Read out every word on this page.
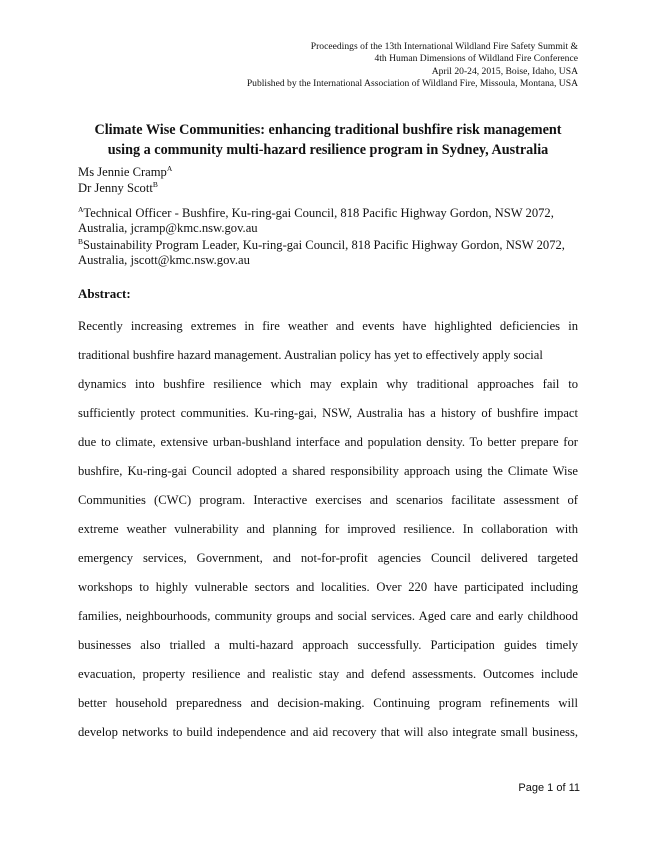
Proceedings of the 13th International Wildland Fire Safety Summit &
4th Human Dimensions of Wildland Fire Conference
April 20-24, 2015, Boise, Idaho, USA
Published by the International Association of Wildland Fire, Missoula, Montana, USA
Climate Wise Communities: enhancing traditional bushfire risk management
using a community multi-hazard resilience program in Sydney, Australia
Ms Jennie Cramp$^A$
Dr Jenny Scott$^B$
$^A$Technical Officer - Bushfire, Ku-ring-gai Council, 818 Pacific Highway Gordon, NSW 2072,
Australia, jcramp@kmc.nsw.gov.au
$^B$Sustainability Program Leader, Ku-ring-gai Council, 818 Pacific Highway Gordon, NSW 2072,
Australia, jscott@kmc.nsw.gov.au
Abstract:
Recently increasing extremes in fire weather and events have highlighted deficiencies in
traditional bushfire hazard management. Australian policy has yet to effectively apply social
dynamics into bushfire resilience which may explain why traditional approaches fail to
sufficiently protect communities. Ku-ring-gai, NSW, Australia has a history of bushfire impact
due to climate, extensive urban-bushland interface and population density. To better prepare for
bushfire, Ku-ring-gai Council adopted a shared responsibility approach using the Climate Wise
Communities (CWC) program. Interactive exercises and scenarios facilitate assessment of
extreme weather vulnerability and planning for improved resilience. In collaboration with
emergency services, Government, and not-for-profit agencies Council delivered targeted
workshops to highly vulnerable sectors and localities. Over 220 have participated including
families, neighbourhoods, community groups and social services. Aged care and early childhood
businesses also trialled a multi-hazard approach successfully. Participation guides timely
evacuation, property resilience and realistic stay and defend assessments. Outcomes include
better household preparedness and decision-making. Continuing program refinements will
develop networks to build independence and aid recovery that will also integrate small business,
Page 1 of 11
